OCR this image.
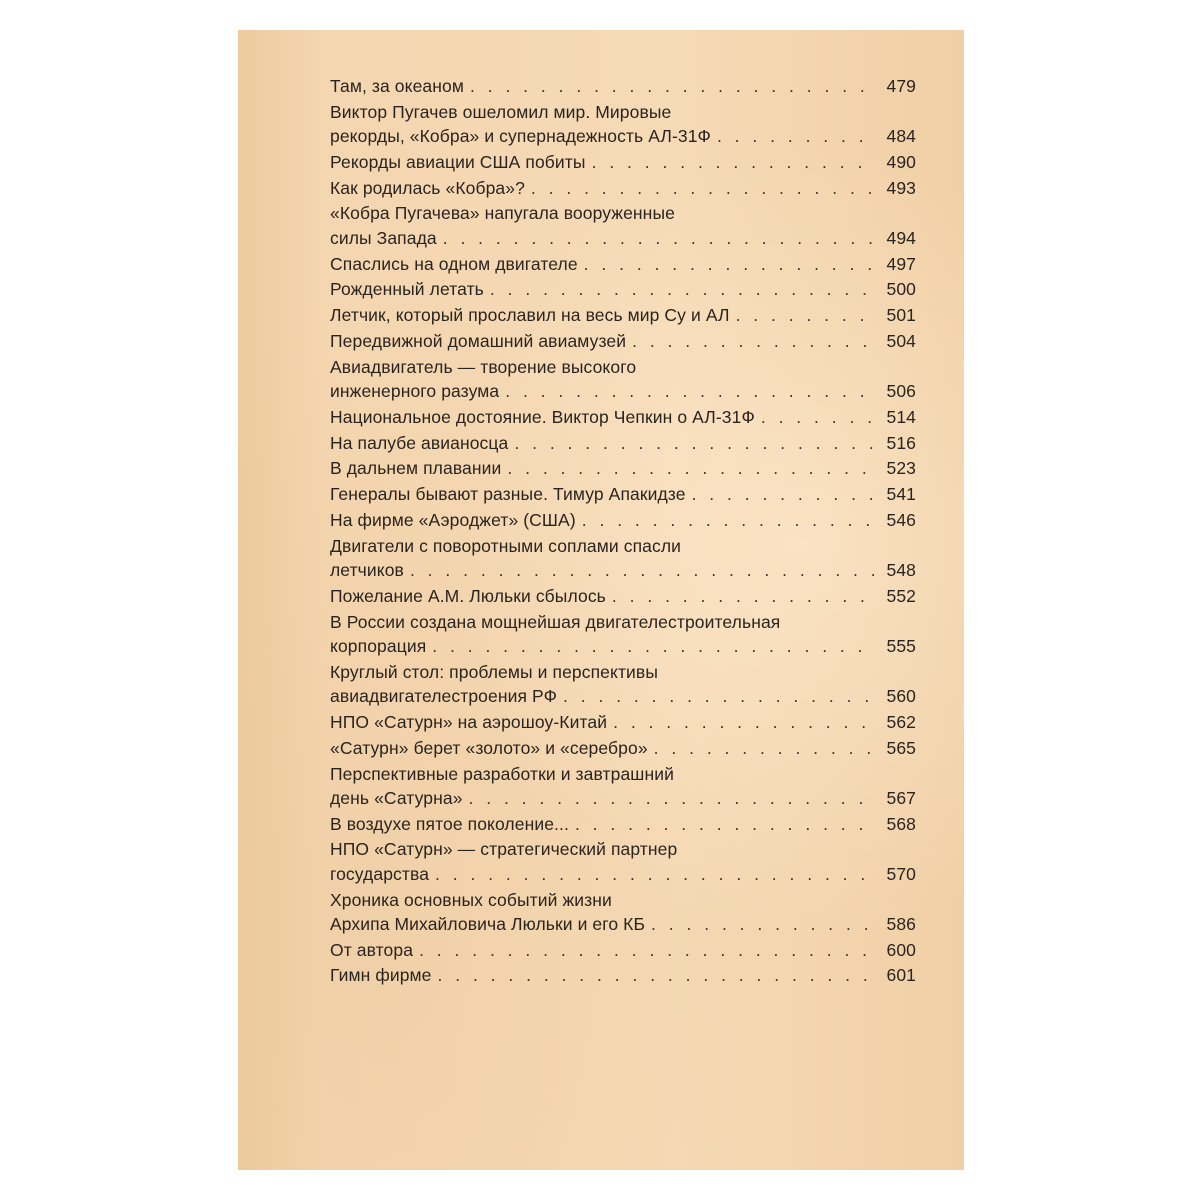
Там, за океаном . . .	479
Виктор Пугачев ошеломил мир. Мировые
рекорды, «Кобра» и супернадежность АЛ-31Ф . . .	484
Рекорды авиации США побиты . . .	490
Как родилась «Кобра»? . . .	493
«Кобра Пугачева» напугала вооруженные
силы Запада . . .	494
Спаслись на одном двигателе . . .	497
Рожденный летать . . .	500
Летчик, который прославил на весь мир Су и АЛ . . .	501
Передвижной домашний авиамузей . . .	504
Авиадвигатель — творение высокого
инженерного разума . . .	506
Национальное достояние. Виктор Чепкин о АЛ-31Ф . . .	514
На палубе авианосца . . .	516
В дальнем плавании . . .	523
Генералы бывают разные. Тимур Апакидзе . . .	541
На фирме «Аэроджет» (США) . . .	546
Двигатели с поворотными соплами спасли
летчиков . . .	548
Пожелание А.М. Люльки сбылось . . .	552
В России создана мощнейшая двигателестроительная
корпорация . . .	555
Круглый стол: проблемы и перспективы
авиадвигателестроения РФ . . .	560
НПО «Сатурн» на аэрошоу-Китай . . .	562
«Сатурн» берет «золото» и «серебро» . . .	565
Перспективные разработки и завтрашний
день «Сатурна» . . .	567
В воздухе пятое поколение... . . .	568
НПО «Сатурн» — стратегический партнер
государства . . .	570
Хроника основных событий жизни
Архипа Михайловича Люльки и его КБ . . .	586
От автора . . .	600
Гимн фирме . . .	601
